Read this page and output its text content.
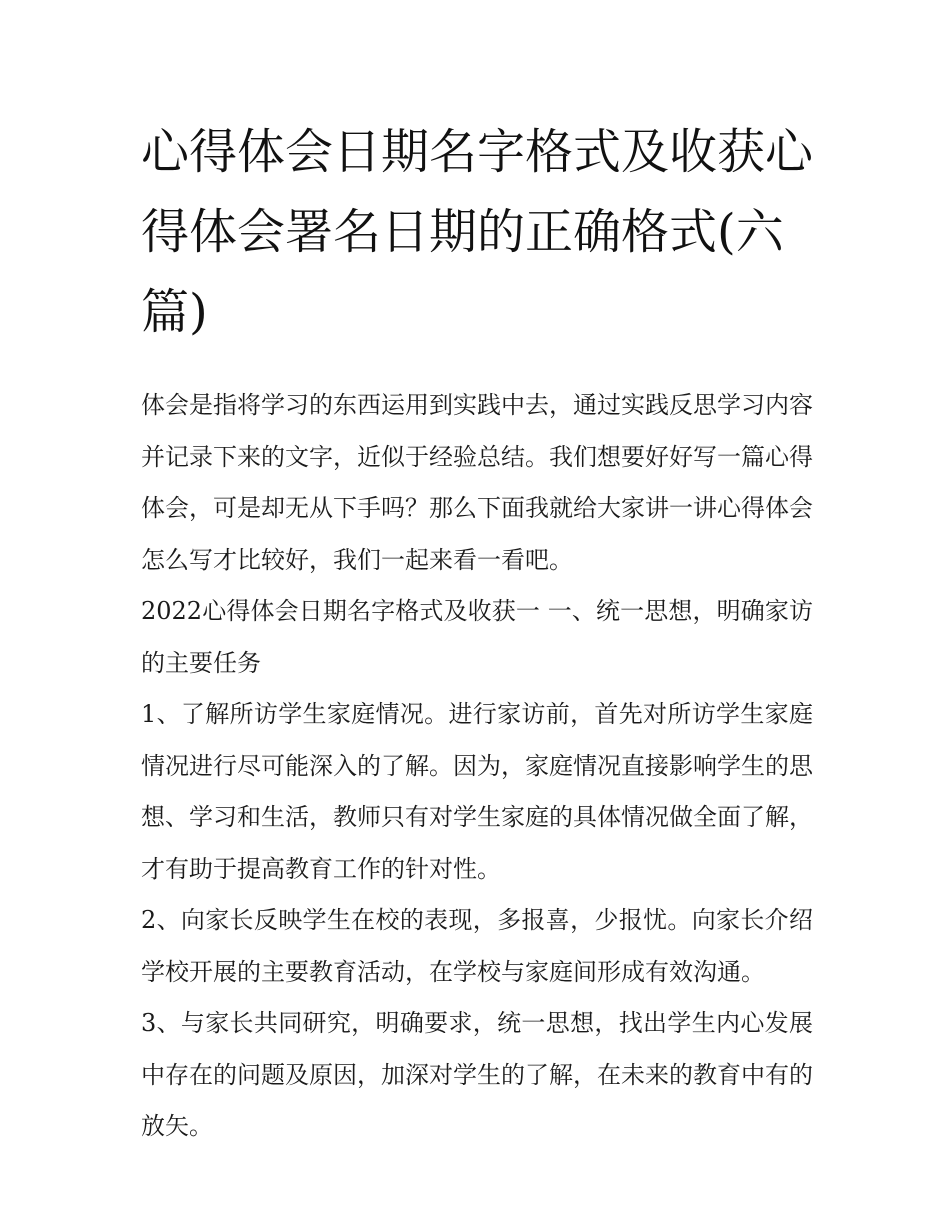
心得体会日期名字格式及收获心得体会署名日期的正确格式(六篇)

体会是指将学习的东西运用到实践中去，通过实践反思学习内容并记录下来的文字，近似于经验总结。我们想要好好写一篇心得体会，可是却无从下手吗？那么下面我就给大家讲一讲心得体会怎么写才比较好，我们一起来看一看吧。

2022心得体会日期名字格式及收获一 一、统一思想，明确家访的主要任务

1、了解所访学生家庭情况。进行家访前，首先对所访学生家庭情况进行尽可能深入的了解。因为，家庭情况直接影响学生的思想、学习和生活，教师只有对学生家庭的具体情况做全面了解，才有助于提高教育工作的针对性。

2、向家长反映学生在校的表现，多报喜，少报忧。向家长介绍学校开展的主要教育活动，在学校与家庭间形成有效沟通。

3、与家长共同研究，明确要求，统一思想，找出学生内心发展中存在的问题及原因，加深对学生的了解，在未来的教育中有的放矢。
